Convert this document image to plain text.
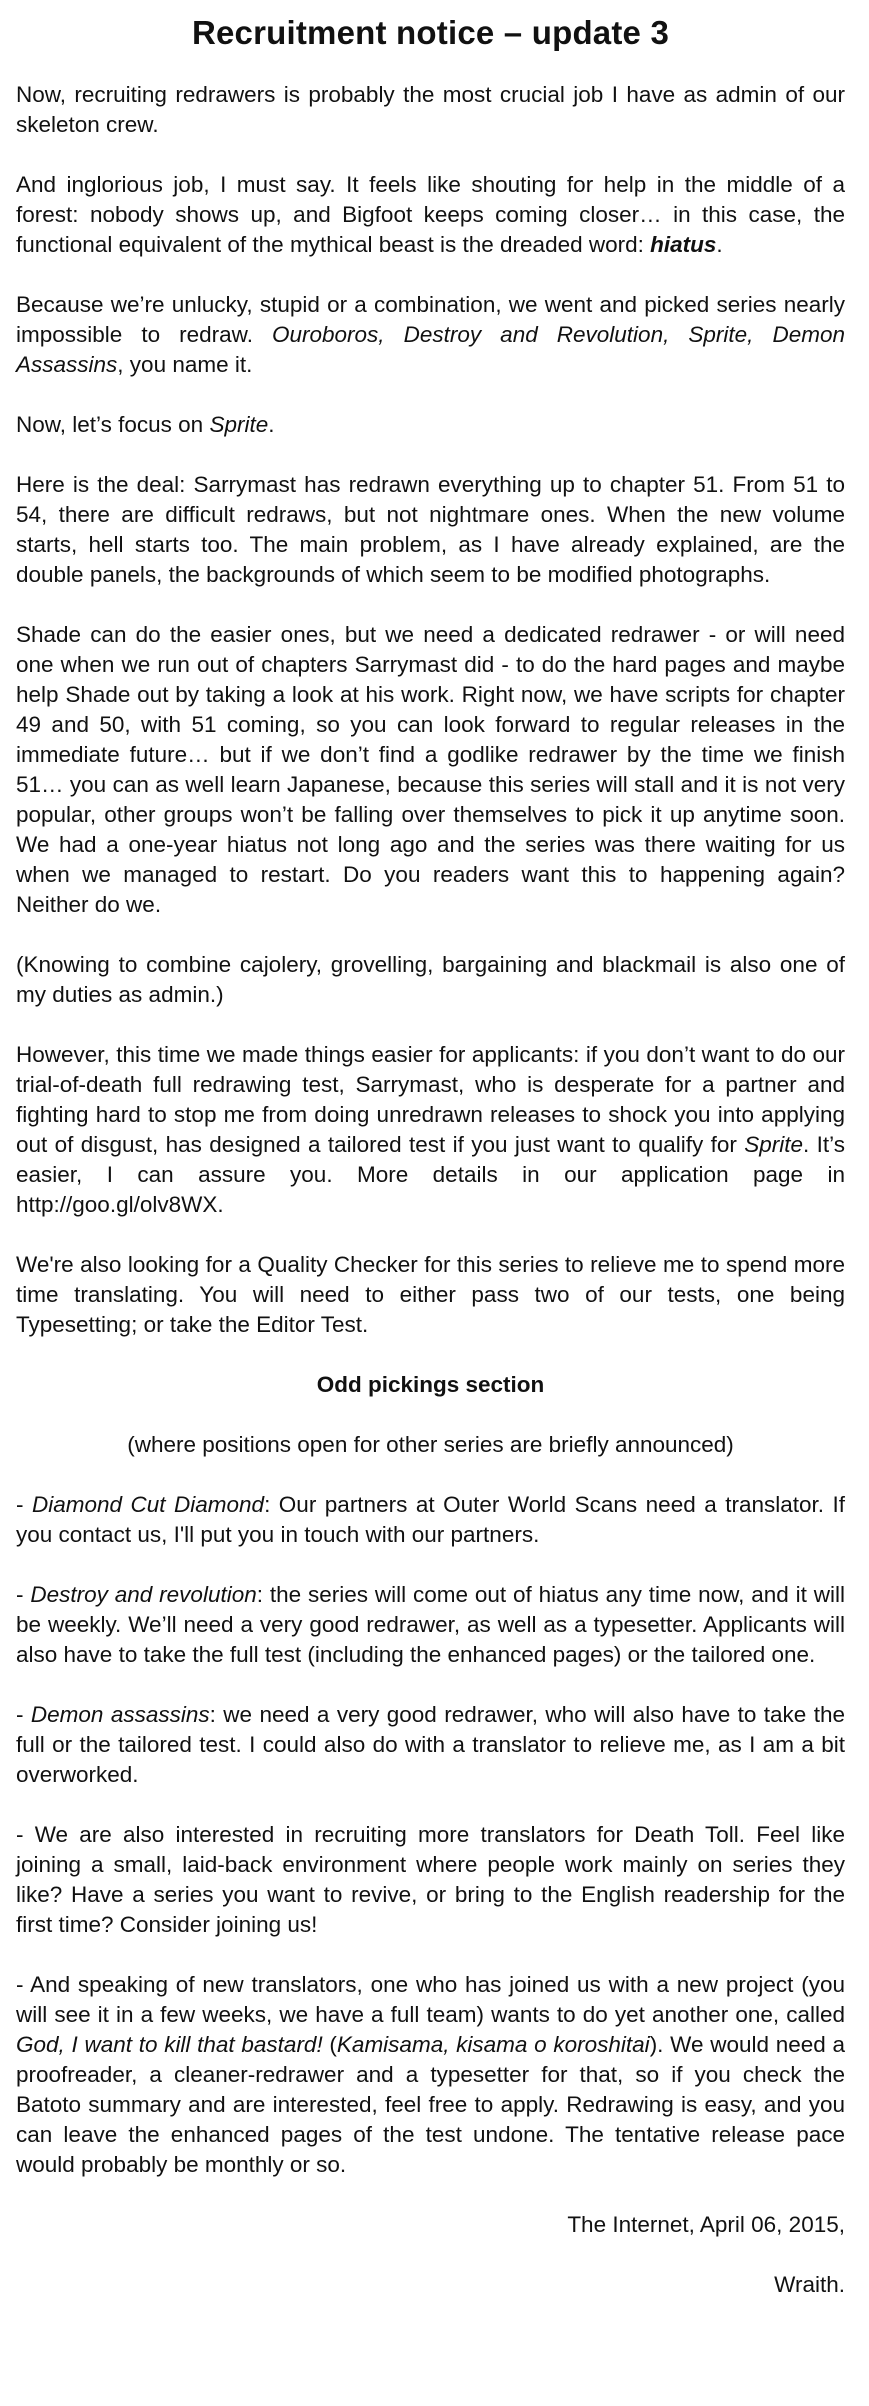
Recruitment notice – update 3

Now, recruiting redrawers is probably the most crucial job I have as admin of our skeleton crew.

And inglorious job, I must say. It feels like shouting for help in the middle of a forest: nobody shows up, and Bigfoot keeps coming closer… in this case, the functional equivalent of the mythical beast is the dreaded word: hiatus.

Because we’re unlucky, stupid or a combination, we went and picked series nearly impossible to redraw. Ouroboros, Destroy and Revolution, Sprite, Demon Assassins, you name it.

Now, let’s focus on Sprite.

Here is the deal: Sarrymast has redrawn everything up to chapter 51. From 51 to 54, there are difficult redraws, but not nightmare ones. When the new volume starts, hell starts too. The main problem, as I have already explained, are the double panels, the backgrounds of which seem to be modified photographs.

Shade can do the easier ones, but we need a dedicated redrawer - or will need one when we run out of chapters Sarrymast did - to do the hard pages and maybe help Shade out by taking a look at his work. Right now, we have scripts for chapter 49 and 50, with 51 coming, so you can look forward to regular releases in the immediate future… but if we don’t find a godlike redrawer by the time we finish 51… you can as well learn Japanese, because this series will stall and it is not very popular, other groups won’t be falling over themselves to pick it up anytime soon. We had a one-year hiatus not long ago and the series was there waiting for us when we managed to restart. Do you readers want this to happening again? Neither do we.

(Knowing to combine cajolery, grovelling, bargaining and blackmail is also one of my duties as admin.)

However, this time we made things easier for applicants: if you don’t want to do our trial-of-death full redrawing test, Sarrymast, who is desperate for a partner and fighting hard to stop me from doing unredrawn releases to shock you into applying out of disgust, has designed a tailored test if you just want to qualify for Sprite. It’s easier, I can assure you. More details in our application page in http://goo.gl/olv8WX.

We're also looking for a Quality Checker for this series to relieve me to spend more time translating. You will need to either pass two of our tests, one being Typesetting; or take the Editor Test.

Odd pickings section

(where positions open for other series are briefly announced)

- Diamond Cut Diamond: Our partners at Outer World Scans need a translator. If you contact us, I'll put you in touch with our partners.

- Destroy and revolution: the series will come out of hiatus any time now, and it will be weekly. We’ll need a very good redrawer, as well as a typesetter. Applicants will also have to take the full test (including the enhanced pages) or the tailored one.

- Demon assassins: we need a very good redrawer, who will also have to take the full or the tailored test. I could also do with a translator to relieve me, as I am a bit overworked.

- We are also interested in recruiting more translators for Death Toll. Feel like joining a small, laid-back environment where people work mainly on series they like? Have a series you want to revive, or bring to the English readership for the first time? Consider joining us!

- And speaking of new translators, one who has joined us with a new project (you will see it in a few weeks, we have a full team) wants to do yet another one, called God, I want to kill that bastard! (Kamisama, kisama o koroshitai). We would need a proofreader, a cleaner-redrawer and a typesetter for that, so if you check the Batoto summary and are interested, feel free to apply. Redrawing is easy, and you can leave the enhanced pages of the test undone. The tentative release pace would probably be monthly or so.

The Internet, April 06, 2015,

Wraith.
